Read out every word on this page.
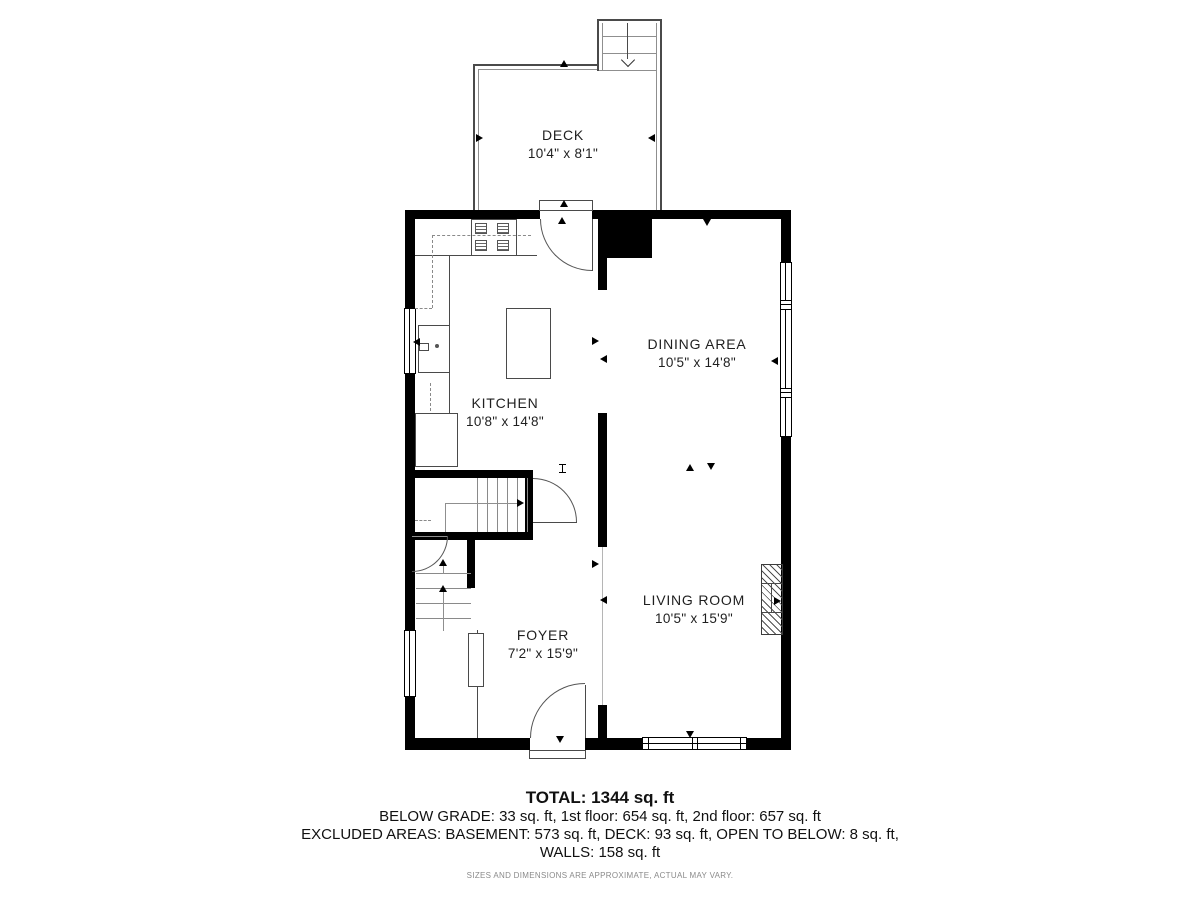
DECK
10'4" x 8'1"
KITCHEN
10'8" x 14'8"
DINING AREA
10'5" x 14'8"
LIVING ROOM
10'5" x 15'9"
FOYER
7'2" x 15'9"
TOTAL: 1344 sq. ft
BELOW GRADE: 33 sq. ft, 1st floor: 654 sq. ft, 2nd floor: 657 sq. ft
EXCLUDED AREAS: BASEMENT: 573 sq. ft, DECK: 93 sq. ft, OPEN TO BELOW: 8 sq. ft,
WALLS: 158 sq. ft
SIZES AND DIMENSIONS ARE APPROXIMATE, ACTUAL MAY VARY.
